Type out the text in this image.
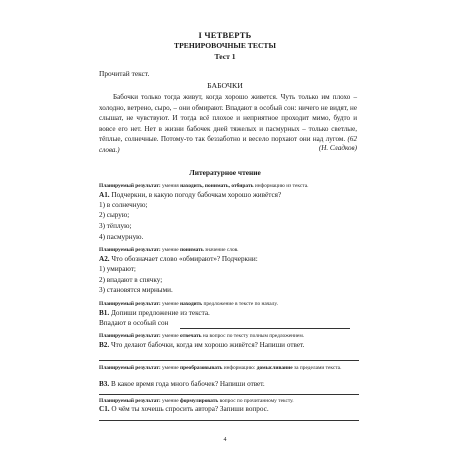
I ЧЕТВЕРТЬ
ТРЕНИРОВОЧНЫЕ ТЕСТЫ
Тест 1
Прочитай текст.
БАБОЧКИ

Бабочки только тогда живут, когда хорошо живется. Чуть только им плохо – холодно, ветрено, сыро, – они обмирают. Впадают в особый сон: ничего не видят, не слышат, не чувствуют. И тогда всё плохое и неприятное проходит мимо, будто и вовсе его нет. Нет в жизни бабочек дней тяжелых и пасмурных – только светлые, тёплые, солнечные. Потому-то так беззаботно и весело порхают они над лугом. (62 слова.)	(Н. Сладков)
Литературное чтение
Планируемый результат: умения находить, понимать, отбирать информацию из текста.
А1. Подчеркни, в какую погоду бабочкам хорошо живётся?
1) в солнечную;
2) сырую;
3) тёплую;
4) пасмурную.
Планируемый результат: умение понимать значение слов.
А2. Что обозначает слово «обмирают»? Подчеркни:
1) умирают;
2) впадают в спячку;
3) становятся мирными.
Планируемый результат: умение находить предложение в тексте по началу.
В1. Допиши предложение из текста.
Впадают в особый сон
Планируемый результат: умение отвечать на вопрос по тексту полным предложением.
В2. Что делают бабочки, когда им хорошо живётся? Напиши ответ.
Планируемый результат: умение преобразовывать информацию: домысливание за пределами текста.
В3. В какое время года много бабочек? Напиши ответ.
Планируемый результат: умение формулировать вопрос по прочитанному тексту.
С1. О чём ты хочешь спросить автора? Запиши вопрос.
4
